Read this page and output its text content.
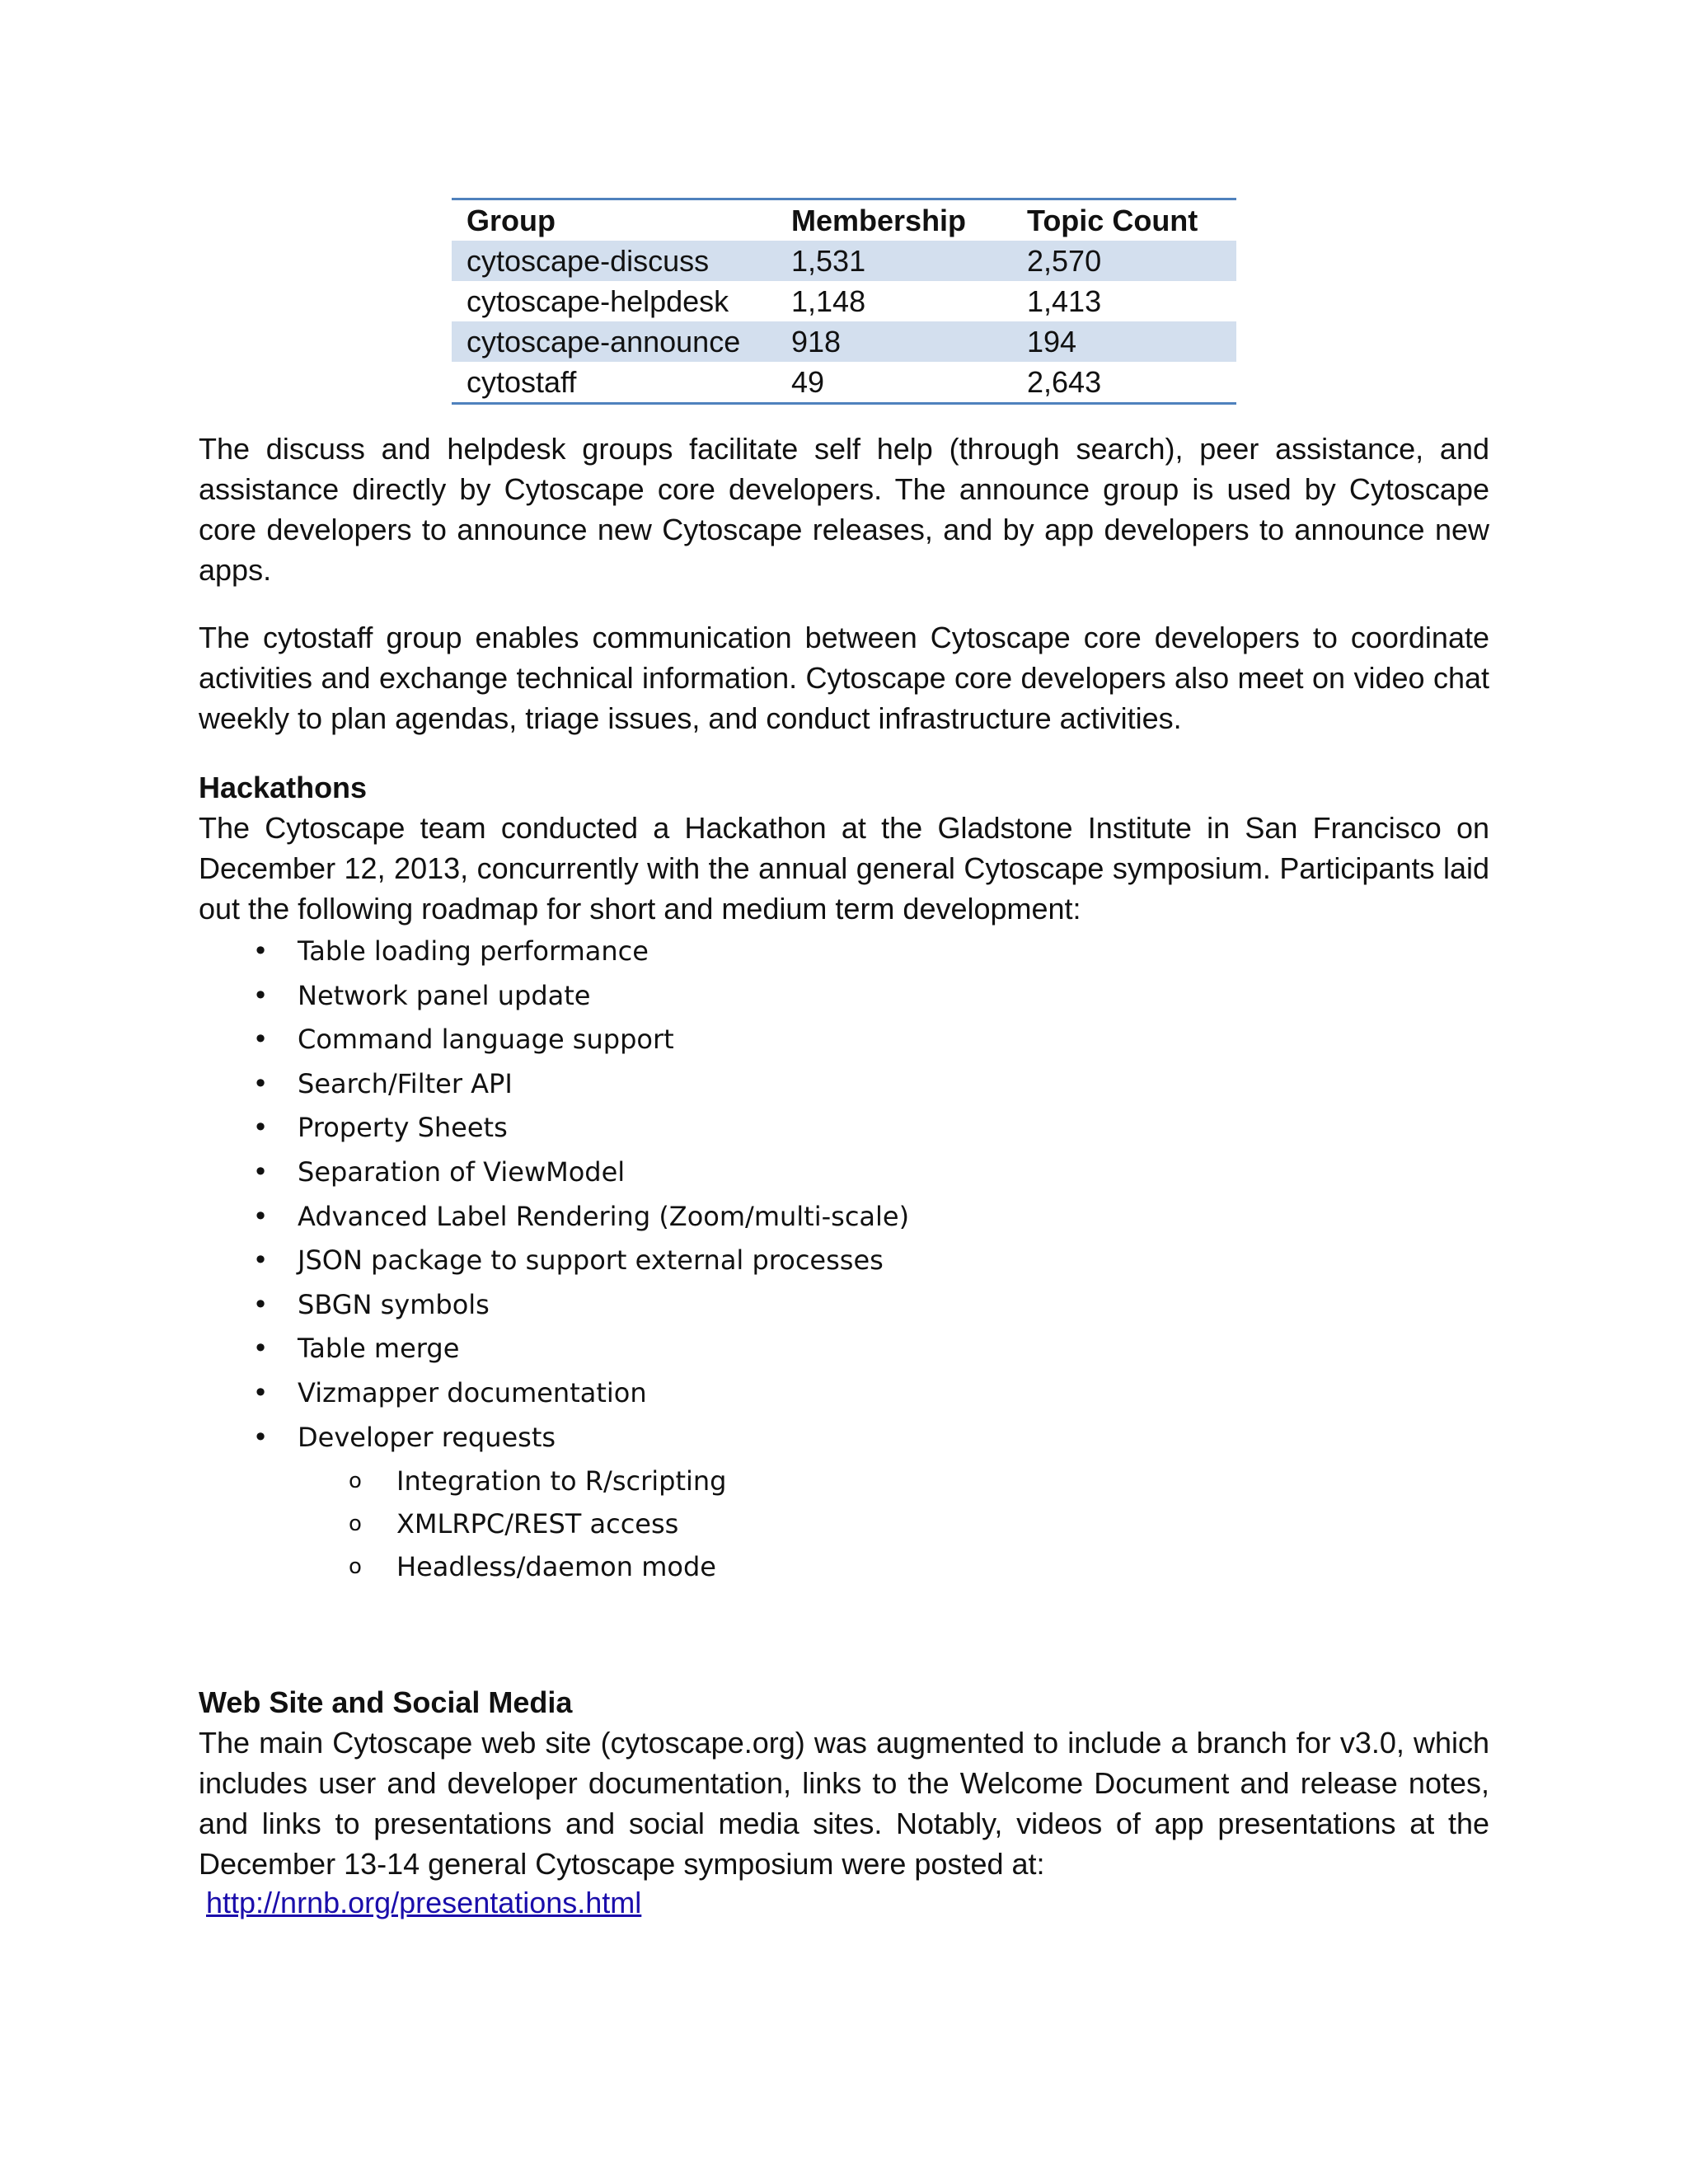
Group	Membership	Topic Count
cytoscape-discuss	1,531	2,570
cytoscape-helpdesk	1,148	1,413
cytoscape-announce	918	194
cytostaff	49	2,643

The discuss and helpdesk groups facilitate self help (through search), peer assistance, and assistance directly by Cytoscape core developers. The announce group is used by Cytoscape core developers to announce new Cytoscape releases, and by app developers to announce new apps.

The cytostaff group enables communication between Cytoscape core developers to coordinate activities and exchange technical information. Cytoscape core developers also meet on video chat weekly to plan agendas, triage issues, and conduct infrastructure activities.

Hackathons

The Cytoscape team conducted a Hackathon at the Gladstone Institute in San Francisco on December 12, 2013, concurrently with the annual general Cytoscape symposium. Participants laid out the following roadmap for short and medium term development:

• Table loading performance
• Network panel update
• Command language support
• Search/Filter API
• Property Sheets
• Separation of ViewModel
• Advanced Label Rendering (Zoom/multi-scale)
• JSON package to support external processes
• SBGN symbols
• Table merge
• Vizmapper documentation
• Developer requests
o Integration to R/scripting
o XMLRPC/REST access
o Headless/daemon mode
Web Site and Social Media

The main Cytoscape web site (cytoscape.org) was augmented to include a branch for v3.0, which includes user and developer documentation, links to the Welcome Document and release notes, and links to presentations and social media sites. Notably, videos of app presentations at the December 13-14 general Cytoscape symposium were posted at:

http://nrnb.org/presentations.html
